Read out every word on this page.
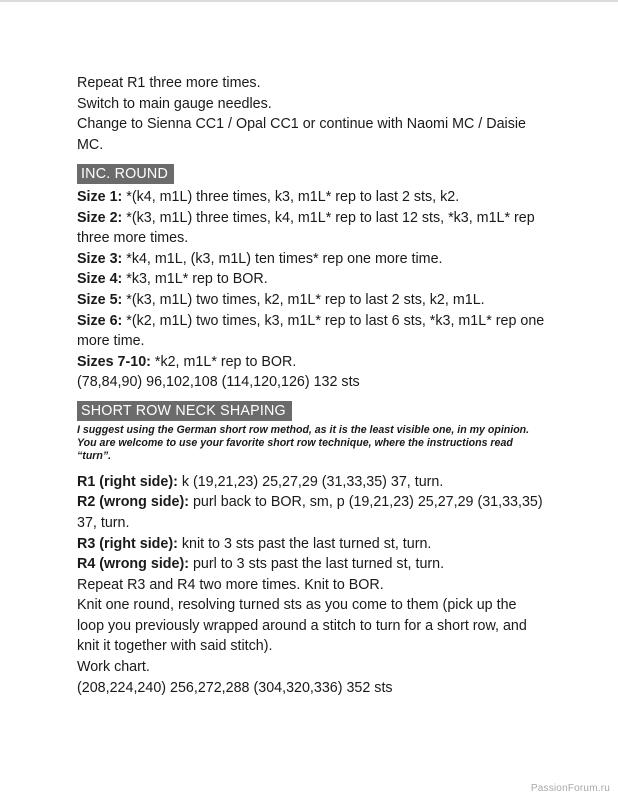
Repeat R1 three more times.

Switch to main gauge needles.

Change to Sienna CC1 / Opal CC1 or continue with Naomi MC / Daisie MC.

INC. ROUND

Size 1: *(k4, m1L) three times, k3, m1L* rep to last 2 sts, k2.

Size 2: *(k3, m1L) three times, k4, m1L* rep to last 12 sts, *k3, m1L* rep three more times.

Size 3: *k4, m1L, (k3, m1L) ten times* rep one more time.

Size 4: *k3, m1L* rep to BOR.

Size 5: *(k3, m1L) two times, k2, m1L* rep to last 2 sts, k2, m1L.

Size 6: *(k2, m1L) two times, k3, m1L* rep to last 6 sts, *k3, m1L* rep one more time.

Sizes 7-10: *k2, m1L* rep to BOR.

(78,84,90) 96,102,108 (114,120,126) 132 sts

SHORT ROW NECK SHAPING

I suggest using the German short row method, as it is the least visible one, in my opinion. You are welcome to use your favorite short row technique, where the instructions read “turn”.

R1 (right side): k (19,21,23) 25,27,29 (31,33,35) 37, turn.

R2 (wrong side): purl back to BOR, sm, p (19,21,23) 25,27,29 (31,33,35) 37, turn.

R3 (right side): knit to 3 sts past the last turned st, turn.

R4 (wrong side): purl to 3 sts past the last turned st, turn.

Repeat R3 and R4 two more times. Knit to BOR.

Knit one round, resolving turned sts as you come to them (pick up the loop you previously wrapped around a stitch to turn for a short row, and knit it together with said stitch).

Work chart.

(208,224,240) 256,272,288 (304,320,336) 352 sts

PassionForum.ru
